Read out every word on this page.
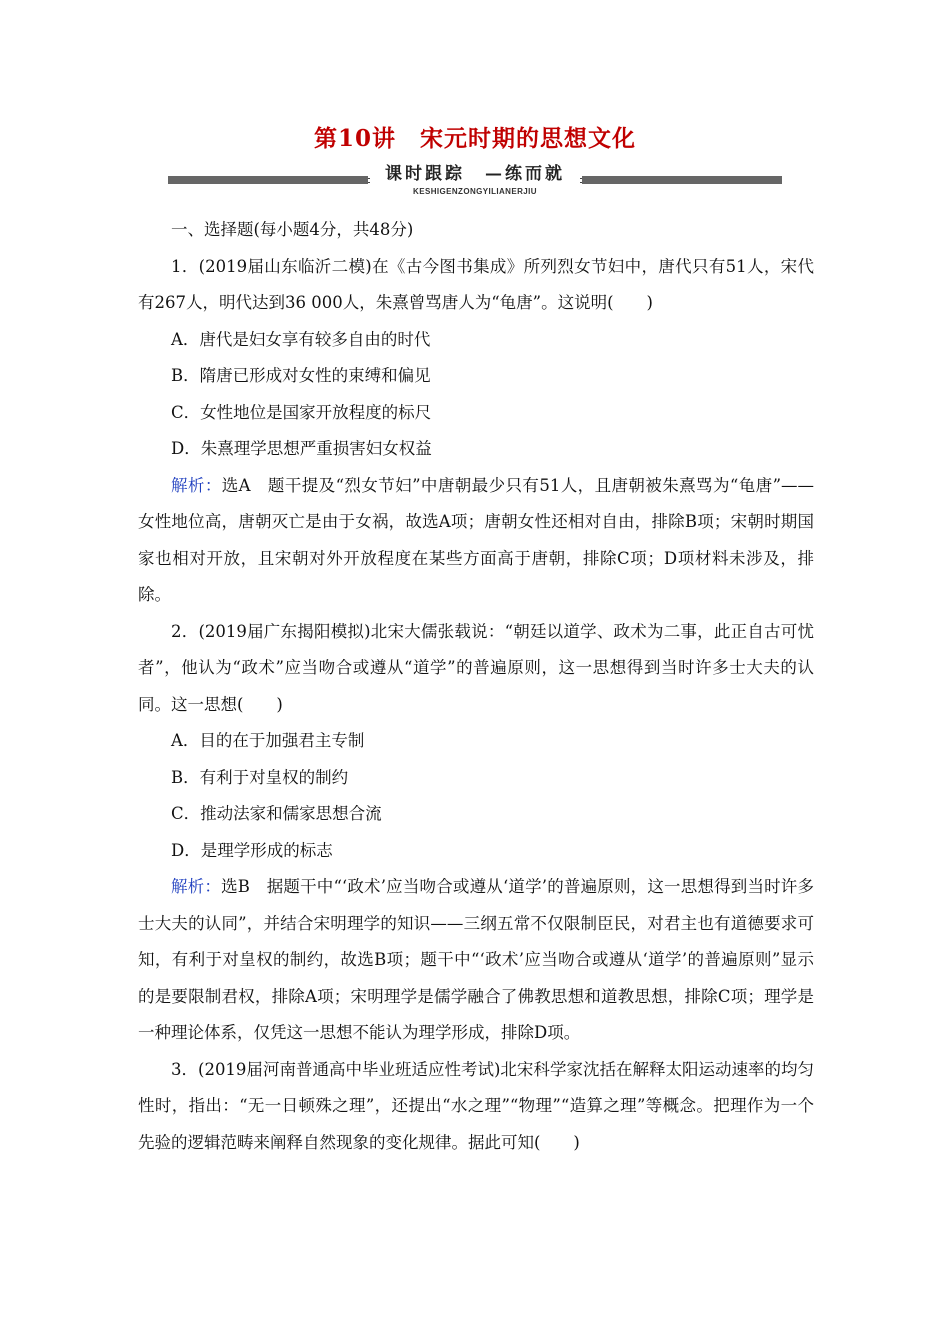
第10讲　宋元时期的思想文化
课时跟踪　—练而就
KESHIGENZONGYILIANERJIU

一、选择题(每小题4分，共48分)

1．(2019届山东临沂二模)在《古今图书集成》所列烈女节妇中，唐代只有51人，宋代有267人，明代达到36 000人，朱熹曾骂唐人为“龟唐”。这说明(　　)

A．唐代是妇女享有较多自由的时代

B．隋唐已形成对女性的束缚和偏见

C．女性地位是国家开放程度的标尺

D．朱熹理学思想严重损害妇女权益

解析：选A　题干提及“烈女节妇”中唐朝最少只有51人，且唐朝被朱熹骂为“龟唐”——女性地位高，唐朝灭亡是由于女祸，故选A项；唐朝女性还相对自由，排除B项；宋朝时期国家也相对开放，且宋朝对外开放程度在某些方面高于唐朝，排除C项；D项材料未涉及，排除。

2．(2019届广东揭阳模拟)北宋大儒张载说：“朝廷以道学、政术为二事，此正自古可忧者”，他认为“政术”应当吻合或遵从“道学”的普遍原则，这一思想得到当时许多士大夫的认同。这一思想(　　)

A．目的在于加强君主专制

B．有利于对皇权的制约

C．推动法家和儒家思想合流

D．是理学形成的标志

解析：选B　据题干中“‘政术’应当吻合或遵从‘道学’的普遍原则，这一思想得到当时许多士大夫的认同”，并结合宋明理学的知识——三纲五常不仅限制臣民，对君主也有道德要求可知，有利于对皇权的制约，故选B项；题干中“‘政术’应当吻合或遵从‘道学’的普遍原则”显示的是要限制君权，排除A项；宋明理学是儒学融合了佛教思想和道教思想，排除C项；理学是一种理论体系，仅凭这一思想不能认为理学形成，排除D项。

3．(2019届河南普通高中毕业班适应性考试)北宋科学家沈括在解释太阳运动速率的均匀性时，指出：“无一日顿殊之理”，还提出“水之理”“物理”“造算之理”等概念。把理作为一个先验的逻辑范畴来阐释自然现象的变化规律。据此可知(　　)
